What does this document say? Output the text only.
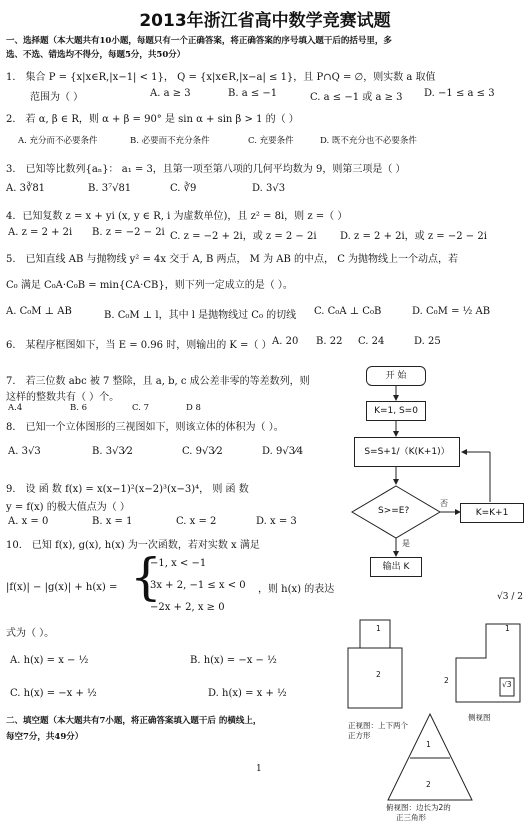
2013年浙江省高中数学竞赛试题
一、选择题（本大题共有10小题，每题只有一个正确答案，将正确答案的序号填入题干后的括号里，多
选、不选、错选均不得分，每题5分，共50分）
1． 集合 P = {x|x∈R,|x−1| < 1}， Q = {x|x∈R,|x−a| ≤ 1}，且 P∩Q = ∅，则实数 a 取值
范围为（ ）	A. a ≥ 3	B. a ≤ −1	C. a ≤ −1 或 a ≥ 3 D. −1 ≤ a ≤ 3
2． 若 α, β ∈ R，则 α + β = 90° 是 sin α + sin β > 1 的（ ）
A. 充分而不必要条件	B. 必要而不充分条件	C. 充要条件	D. 既不充分也不必要条件
3． 已知等比数列{aₙ}： a₁ = 3，且第一项至第八项的几何平均数为 9，则第三项是（ ）
A. 3∛81	B. 3⁷√81	C. ∛9	D. 3√3
4．已知复数 z = x + yi (x, y ∈ R, i 为虚数单位)，且 z² = 8i，则 z =（ ）
A. z = 2 + 2i B. z = −2 − 2i C. z = −2 + 2i，或 z = 2 − 2i D. z = 2 + 2i，或 z = −2 − 2i
5． 已知直线 AB 与抛物线 y² = 4x 交于 A, B 两点， M 为 AB 的中点， C 为抛物线上一个动点，若
C₀ 满足 C₀A·C₀B = min{CA·CB}，则下列一定成立的是（ ）。
A. C₀M ⊥ AB	B. C₀M ⊥ l，其中 l 是抛物线过 C₀ 的切线 C. C₀A ⊥ C₀B	D. C₀M = ½ AB
6． 某程序框图如下，当 E = 0.96 时，则输出的 K =（ ） A. 20 B. 22 C. 24	D. 25
7． 若三位数 abc 被 7 整除，且 a, b, c 成公差非零的等差数列，则
这样的整数共有（ ）个。
A.4	B. 6	C. 7	D 8
8． 已知一个立体图形的三视图如下，则该立体的体积为（ ）。
A. 3√3	B. 3√3⁄2	C. 9√3⁄2	D. 9√3⁄4
9． 设 函 数 f(x) = x(x−1)²(x−2)³(x−3)⁴， 则 函 数
y = f(x) 的极大值点为（ ）
A. x = 0	B. x = 1	C. x = 2	D. x = 3
10． 已知 f(x), g(x), h(x) 为一次函数，若对实数 x 满足
|f(x)| − |g(x)| + h(x) = {
−1, x < −1
3x + 2, −1 ≤ x < 0
−2x + 2, x ≥ 0
，则 h(x) 的表达
式为（ ）。
A. h(x) = x − ½	B. h(x) = −x − ½
C. h(x) = −x + ½	D. h(x) = x + ½
二、填空题（本大题共有7小题，将正确答案填入题干后 的横线上，
每空7分，共49分）
1
开 始
K=1, S=0
S=S+1/（K(K+1)）
S>=E?
否
K=K+1
是
输出 K
√3 / 2
1
2
正视图：上下两个
正方形
1
2	√3
侧视图
1
2
俯视图：边长为2的
正三角形
